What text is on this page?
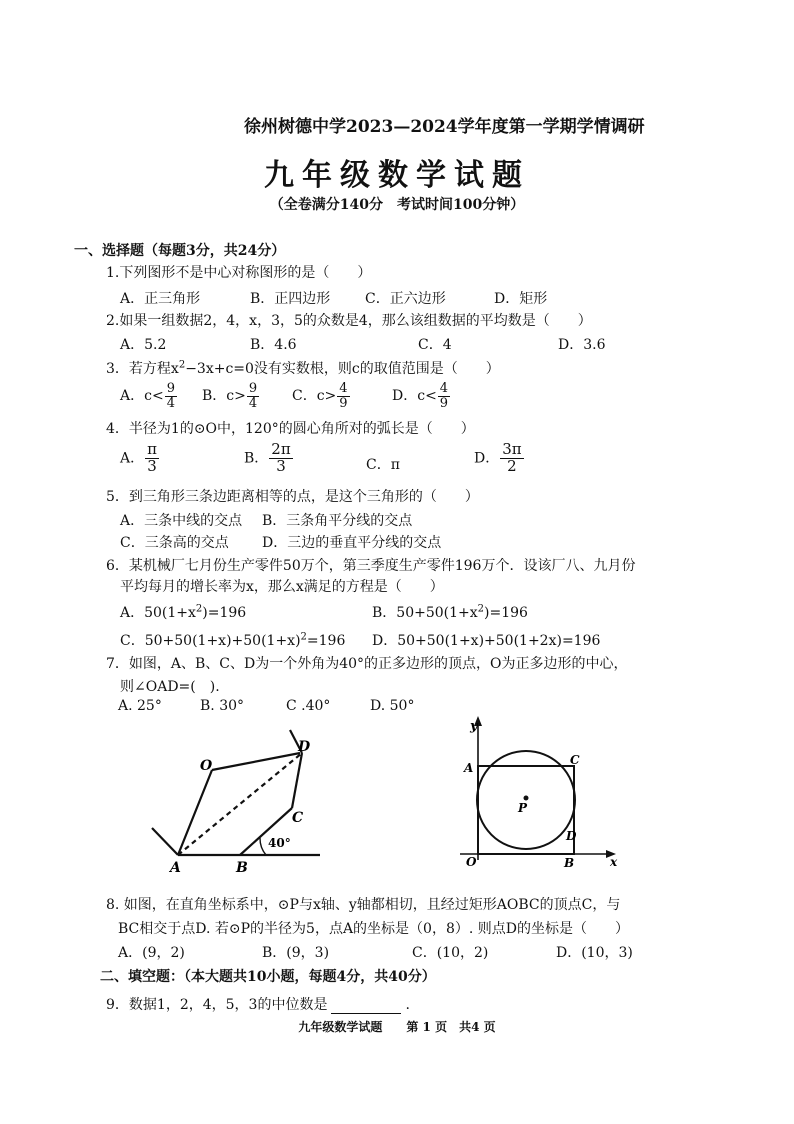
徐州树德中学2023—2024学年度第一学期学情调研
九年级数学试题
（全卷满分140分　考试时间100分钟）
一、选择题（每题3分，共24分）
1.下列图形不是中心对称图形的是（　　）
A．正三角形	B．正四边形 C．正六边形	D．矩形
2.如果一组数据2，4，x，3，5的众数是4，那么该组数据的平均数是（　　）
A．5.2	B．4.6	C．4	D．3.6
3．若方程$x^2-3x+c=0$没有实数根，则c的取值范围是（　　）
A．$c< \frac{9}{4}$ B．$c> \frac{9}{4}$ C．$c> \frac{4}{9}$	D．$c< \frac{4}{9}$
4．半径为1的⊙O中，120°的圆心角所对的弧长是（　　）
A． $\frac{\pi}{3}$	B． $\frac{2\pi}{3}$	C．π	D． $\frac{3\pi}{2}$
5．到三角形三条边距离相等的点，是这个三角形的（　　）
A．三条中线的交点 B．三条角平分线的交点
C．三条高的交点 D．三边的垂直平分线的交点
6．某机械厂七月份生产零件50万个，第三季度生产零件196万个．设该厂八、九月份
平均每月的增长率为x，那么x满足的方程是（　　）
A．$50(1+x^2)=196$	B．$50+50(1+x^2)=196$
C．$50+50(1+x)+50(1+x)^2=196$ D．50+50(1+x)+50(1+2x)=196
7．如图，A、B、C、D为一个外角为40°的正多边形的顶点，O为正多边形的中心，
则∠OAD=(　).
A. 25°	B. 30°	C .40°	D. 50°
O
D
C
A	B
40°
y
A
C
P
D
O	B	x
8. 如图，在直角坐标系中，⊙P与x轴、y轴都相切，且经过矩形AOBC的顶点C，与
BC相交于点D. 若⊙P的半径为5，点A的坐标是（0，8）. 则点D的坐标是（　　）
A．(9，2)	B．(9，3)	C．(10，2)	D．(10，3)
二、填空题：（本大题共10小题，每题4分，共40分）
9．数据1，2，4，5，3的中位数是	.
九年级数学试题　　第 1 页　共4 页
